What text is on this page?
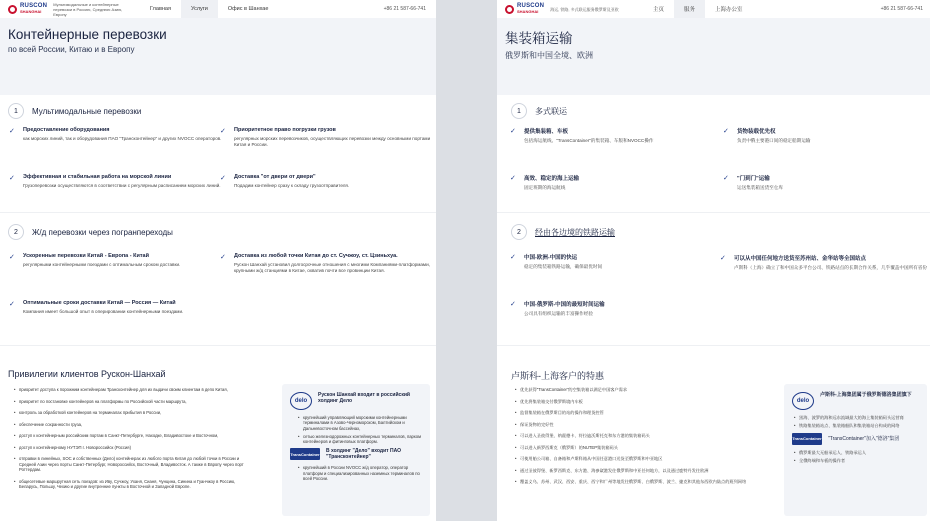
RUSCON
SHANGHAI
Мультимодальные и контейнерные перевозки в Россию, Среднюю Азию, Европу
Главная	Услуги	Офис в Шанхае	+86 21 587-66-741
Контейнерные перевозки
по всей России, Китаю и в Европу
1	Мультимодальные перевозки
✓ Предоставление оборудования
как морских линий, так и оборудования ПАО "Трансконтейнер" и других NVOCC операторов.
✓ Приоритетное право погрузки грузов
регулярных морских перевозчиков, осуществляющих перевозки между основными портами Китая и России.
✓ Эффективная и стабильная работа на морской линии
Грузоперевозки осуществляются в соответствии с регулярным расписанием морских линий.
✓ Доставка "от двери от двери"
Подадим контейнер сразу к складу грузоотправителя.
2	Ж/д перевозки через погранпереходы
✓ Ускоренные перевозки Китай - Европа - Китай
регулярными контейнерными поездами с оптимальным сроком доставки.
✓ Доставка из любой точки Китая до ст. Сучжоу, ст. Цзиньхуа.
Рускон Шанхай установил долгосрочные отношения с многими Компаниями-платформами, крупными ж/д станциями в Китае, охватив почти все провинции Китая.
✓ Оптимальные сроки доставки Китай — Россия — Китай
Компания имеет большой опыт в оперировании контейнерными поездами.
Привилегии клиентов Рускон-Шанхай
• приоритет доступа к порожним контейнерам Трансконтейнер для их выдачи своим клиентам в депо Китая,
• приоритет по постановке контейнеров на платформы по Российской части маршрута,
• контроль за обработкой контейнеров на терминалах прибытия в России,
• обеспечение сохранности груза,
• доступ к контейнерным российским портам в Санкт-Петербурге, Находке, Владивостоке и Восточном,
• доступ к контейнерному НУТЭП г. Новороссийск (Россия)
• отправки в линейных, SOC и собственных (Дело) контейнерах из любого порта Китая до любой точки в России и Средней Азии через порты Санкт-Петербург, Новороссийск, Восточный, Владивосток. А также в Европу через порт Роттердам.
• общесетевые маршрутная сеть поездов: из Иву, Сучжоу, Уханя, Сианя, Чунцина, Синина и Гуанчжоу в Россию, Беларусь, Польшу, Чехию и другие внутренние пункты в Восточной и Западной Европе.
delo
Рускон Шанхай входит в российский холдинг Дело
• крупнейший управляющий морскими контейнерными терминалами в Азово-Черноморском, Балтийском и Дальневосточном бассейнах,
• сетью железнодорожных контейнерных терминалов, парком контейнеров и фитинговых платформ.
TransContainer В холдинг "Дело" входит ПАО "Трансконтейнер"
• крупнейший в России NVOCC ж/д оператор, оператор платформ и специализированных наземных терминалов по всей России.
RUSCON
SHANGHAI	海运, 铁路, 多式联运服务俄罗斯及亚欧	主页	服务	上海办公室	+86 21 587-66-741
集装箱运输
俄罗斯和中国全境、欧洲
1	多式联运
✓ 提供集装箱、车板
包括海运航线、"TransContainer"的集装箱、车版和NVOCC操作
✓ 货物装载优先权
负责中俄主要港口间的稳定船期运输
✓ 高效、稳定的海上运输
固定班期的海运航线
✓ "门到门"运输
运送集装箱送货至仓库
2	经由各边境的铁路运输
✓ 中国-欧洲-中国的快运
稳定的集装箱铁路运输，确保最优时间
✓ 可以从中国任何地方送货至苏州站、金华站等全国站点
卢斯科（上海）确立了和中国众多平台公司、铁路站点的长期合作关系，几乎覆盖中国所有省份
✓ 中国-俄罗斯-中国的最短时间运输
公司具有组织运输的丰富操作经验
卢斯科-上海客户的特惠
• 优先获得"TransContainer"的空集装箱以满足中国客户需求
• 优先将集装箱交付俄罗斯境内车板
• 监督集装箱在俄罗斯目的站的操作和理货控管
• 保证货物的完好性
• 可以进入圣彼得堡、纳霍德卡、符拉迪沃斯托克和东方港的集装箱码头
• 可以进入新罗西斯克（俄罗斯）的NUTEP集装箱码头
• 可使用船公司箱、自备箱和卢斯科箱从中国任意港口送货至俄罗斯和中亚地区
• 通过圣彼得堡、新罗西斯克、东方港、海参崴港发往俄罗斯和中亚任何地方，以及通过鹿特丹发往欧洲
• 覆盖义乌、苏州、武汉、西安、重庆、西宁和广州等地发往俄罗斯、白俄罗斯、波兰、捷克和其他东西欧内陆点的班列网络
delo
卢斯科-上海集团属于俄罗斯德洛集团旗下
• 黑海、波罗的海和远东流域最大的海上集装箱码头运营商
• 铁路集装箱站点、集装箱船队和集装箱站台构成的网络
TransContainer "TransContainer"加入"德洛"集团
• 俄罗斯最大无船承运人、铁路承运人
• 全俄终端和车板的操作者
